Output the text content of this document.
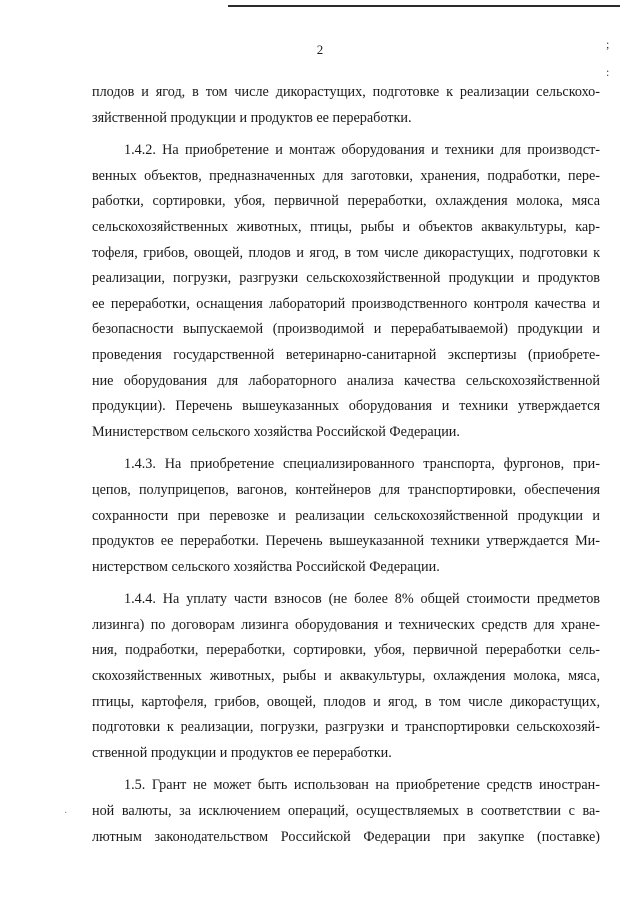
2	;
:
плодов и ягод, в том числе дикорастущих, подготовке к реализации сельскохо-
зяйственной продукции и продуктов ее переработки.
1.4.2. На приобретение и монтаж оборудования и техники для производст-
венных объектов, предназначенных для заготовки, хранения, подработки, пере-
работки, сортировки, убоя, первичной переработки, охлаждения молока, мяса
сельскохозяйственных животных, птицы, рыбы и объектов аквакультуры, кар-
тофеля, грибов, овощей, плодов и ягод, в том числе дикорастущих, подготовки к
реализации, погрузки, разгрузки сельскохозяйственной продукции и продуктов
ее переработки, оснащения лабораторий производственного контроля качества и
безопасности выпускаемой (производимой и перерабатываемой) продукции и
проведения государственной ветеринарно-санитарной экспертизы (приобрете-
ние оборудования для лабораторного анализа качества сельскохозяйственной
продукции). Перечень вышеуказанных оборудования и техники утверждается
Министерством сельского хозяйства Российской Федерации.
1.4.3. На приобретение специализированного транспорта, фургонов, при-
цепов, полуприцепов, вагонов, контейнеров для транспортировки, обеспечения
сохранности при перевозке и реализации сельскохозяйственной продукции и
продуктов ее переработки. Перечень вышеуказанной техники утверждается Ми-
нистерством сельского хозяйства Российской Федерации.
1.4.4. На уплату части взносов (не более 8% общей стоимости предметов
лизинга) по договорам лизинга оборудования и технических средств для хране-
ния, подработки, переработки, сортировки, убоя, первичной переработки сель-
скохозяйственных животных, рыбы и аквакультуры, охлаждения молока, мяса,
птицы, картофеля, грибов, овощей, плодов и ягод, в том числе дикорастущих,
подготовки к реализации, погрузки, разгрузки и транспортировки сельскохозяй-
ственной продукции и продуктов ее переработки.
1.5. Грант не может быть использован на приобретение средств иностран-
ной валюты, за исключением операций, осуществляемых в соответствии с ва-
лютным законодательством Российской Федерации при закупке (поставке)
·
